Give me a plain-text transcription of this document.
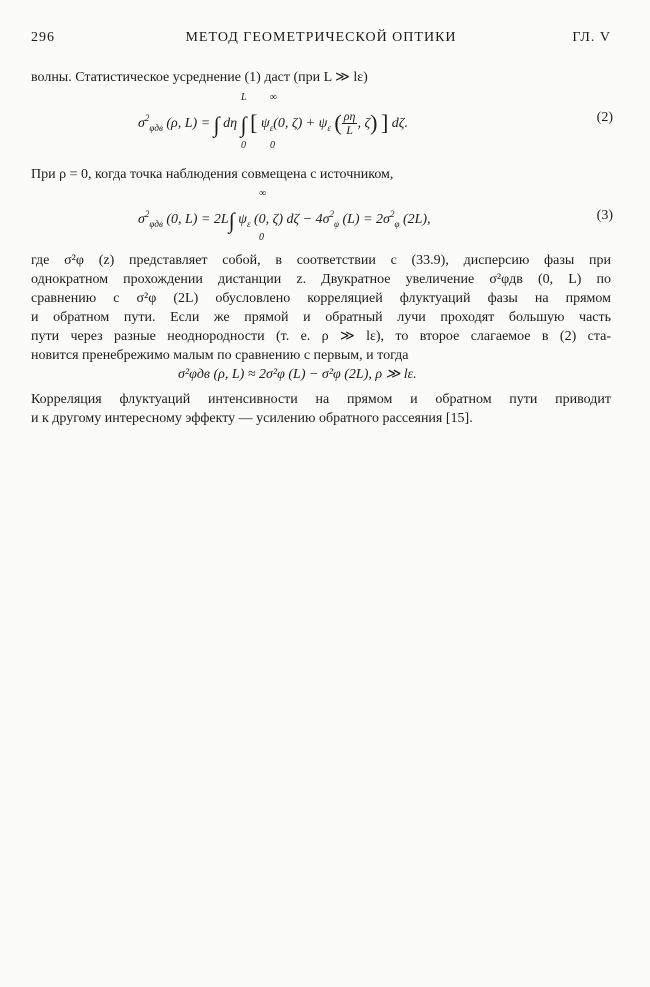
296	МЕТОД ГЕОМЕТРИЧЕСКОЙ ОПТИКИ	ГЛ. V
волны. Статистическое усреднение (1) даст (при L ≫ lε)
L
0
∞
0
$\sigma^2_{\varphi дв}$ (ρ, L) = ∫ dη ∫ [ $\psi_\varepsilon(0$, $\zeta) + \psi_\varepsilon$ ( $\frac{\rho\eta}{L}$ , ζ) ] dζ.	(2)
При ρ = 0, когда точка наблюдения совмещена с источником,
∞
0
$\sigma^2_{\varphi дв}$ (0, L) = 2L∫ $\psi_\varepsilon$ (0, ζ) $d\zeta - 4\sigma^2_\varphi$ $(L) = 2\sigma^2_\varphi$ (2L),	(3)
где σ²φ (z) представляет собой, в соответствии с (33.9), дисперсию фазы при
однократном прохождении дистанции z. Двукратное увеличение σ²φдв (0, L) по
сравнению с σ²φ (2L) обусловлено корреляцией флуктуаций фазы на прямом
и обратном пути. Если же прямой и обратный лучи проходят большую часть
пути через разные неоднородности (т. е. ρ ≫ lε), то второе слагаемое в (2) ста-
новится пренебрежимо малым по сравнению с первым, и тогда
σ²φдв (ρ, L) ≈ 2σ²φ (L) − σ²φ (2L), ρ ≫ lε.
Корреляция флуктуаций интенсивности на прямом и обратном пути приводит
и к другому интересному эффекту — усилению обратного рассеяния [15].
